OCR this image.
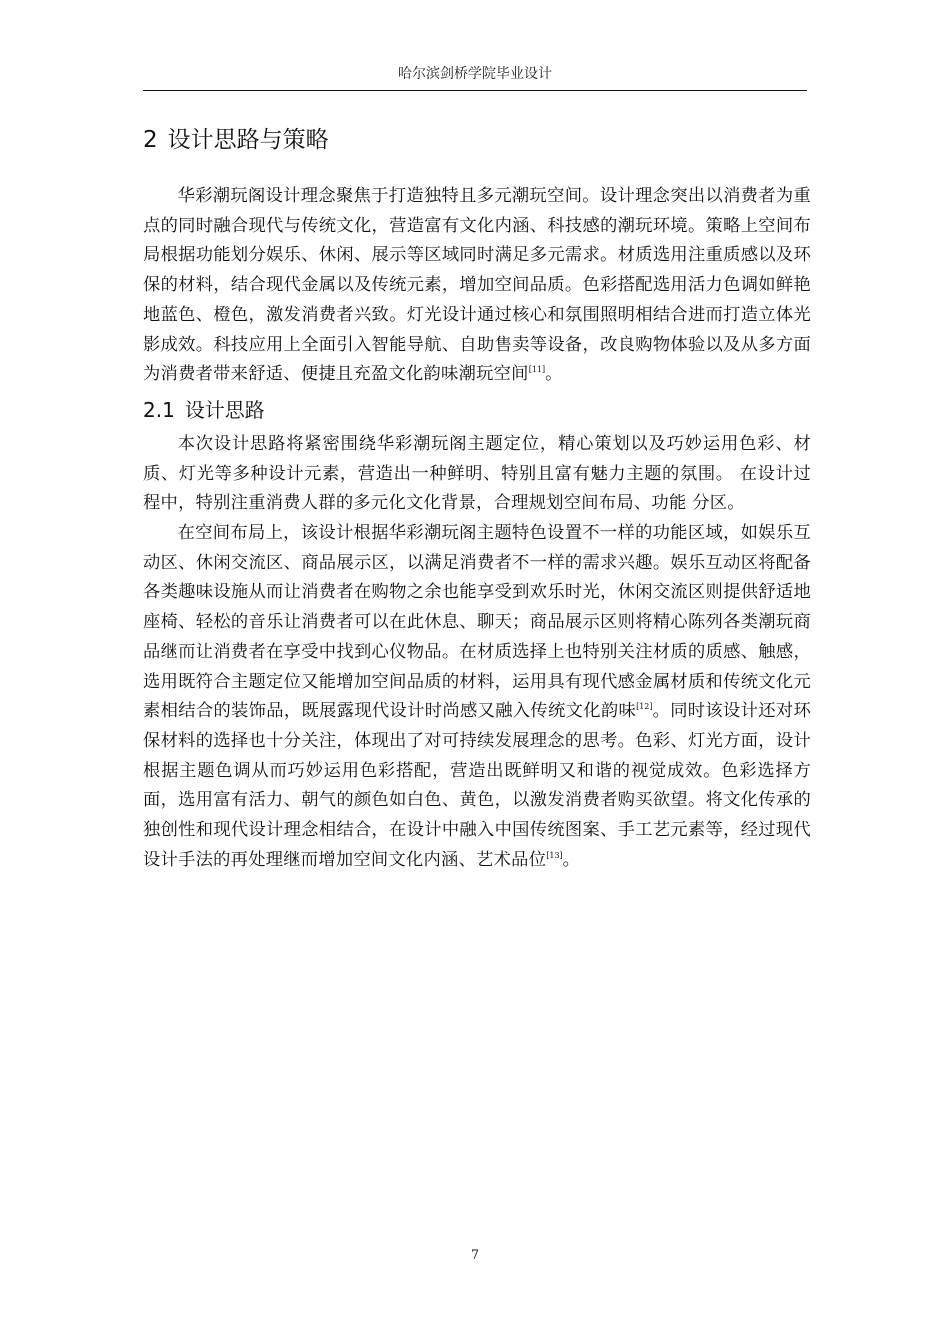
哈尔滨剑桥学院毕业设计
2 设计思路与策略

华彩潮玩阁设计理念聚焦于打造独特且多元潮玩空间。设计理念突出以消费者为重点的同时融合现代与传统文化，营造富有文化内涵、科技感的潮玩环境。策略上空间布局根据功能划分娱乐、休闲、展示等区域同时满足多元需求。材质选用注重质感以及环保的材料，结合现代金属以及传统元素，增加空间品质。色彩搭配选用活力色调如鲜艳地蓝色、橙色，激发消费者兴致。灯光设计通过核心和氛围照明相结合进而打造立体光影成效。科技应用上全面引入智能导航、自助售卖等设备，改良购物体验以及从多方面为消费者带来舒适、便捷且充盈文化韵味潮玩空间[11]。

2.1 设计思路

本次设计思路将紧密围绕华彩潮玩阁主题定位，精心策划以及巧妙运用色彩、材质、灯光等多种设计元素，营造出一种鲜明、特别且富有魅力主题的氛围。 在设计过程中，特别注重消费人群的多元化文化背景，合理规划空间布局、功能 分区。

在空间布局上，该设计根据华彩潮玩阁主题特色设置不一样的功能区域，如娱乐互动区、休闲交流区、商品展示区，以满足消费者不一样的需求兴趣。娱乐互动区将配备各类趣味设施从而让消费者在购物之余也能享受到欢乐时光，休闲交流区则提供舒适地座椅、轻松的音乐让消费者可以在此休息、聊天；商品展示区则将精心陈列各类潮玩商品继而让消费者在享受中找到心仪物品。在材质选择上也特别关注材质的质感、触感，选用既符合主题定位又能增加空间品质的材料，运用具有现代感金属材质和传统文化元素相结合的装饰品，既展露现代设计时尚感又融入传统文化韵味[12]。同时该设计还对环保材料的选择也十分关注，体现出了对可持续发展理念的思考。色彩、灯光方面，设计根据主题色调从而巧妙运用色彩搭配，营造出既鲜明又和谐的视觉成效。色彩选择方面，选用富有活力、朝气的颜色如白色、黄色，以激发消费者购买欲望。将文化传承的独创性和现代设计理念相结合，在设计中融入中国传统图案、手工艺元素等，经过现代设计手法的再处理继而增加空间文化内涵、艺术品位[13]。

7
